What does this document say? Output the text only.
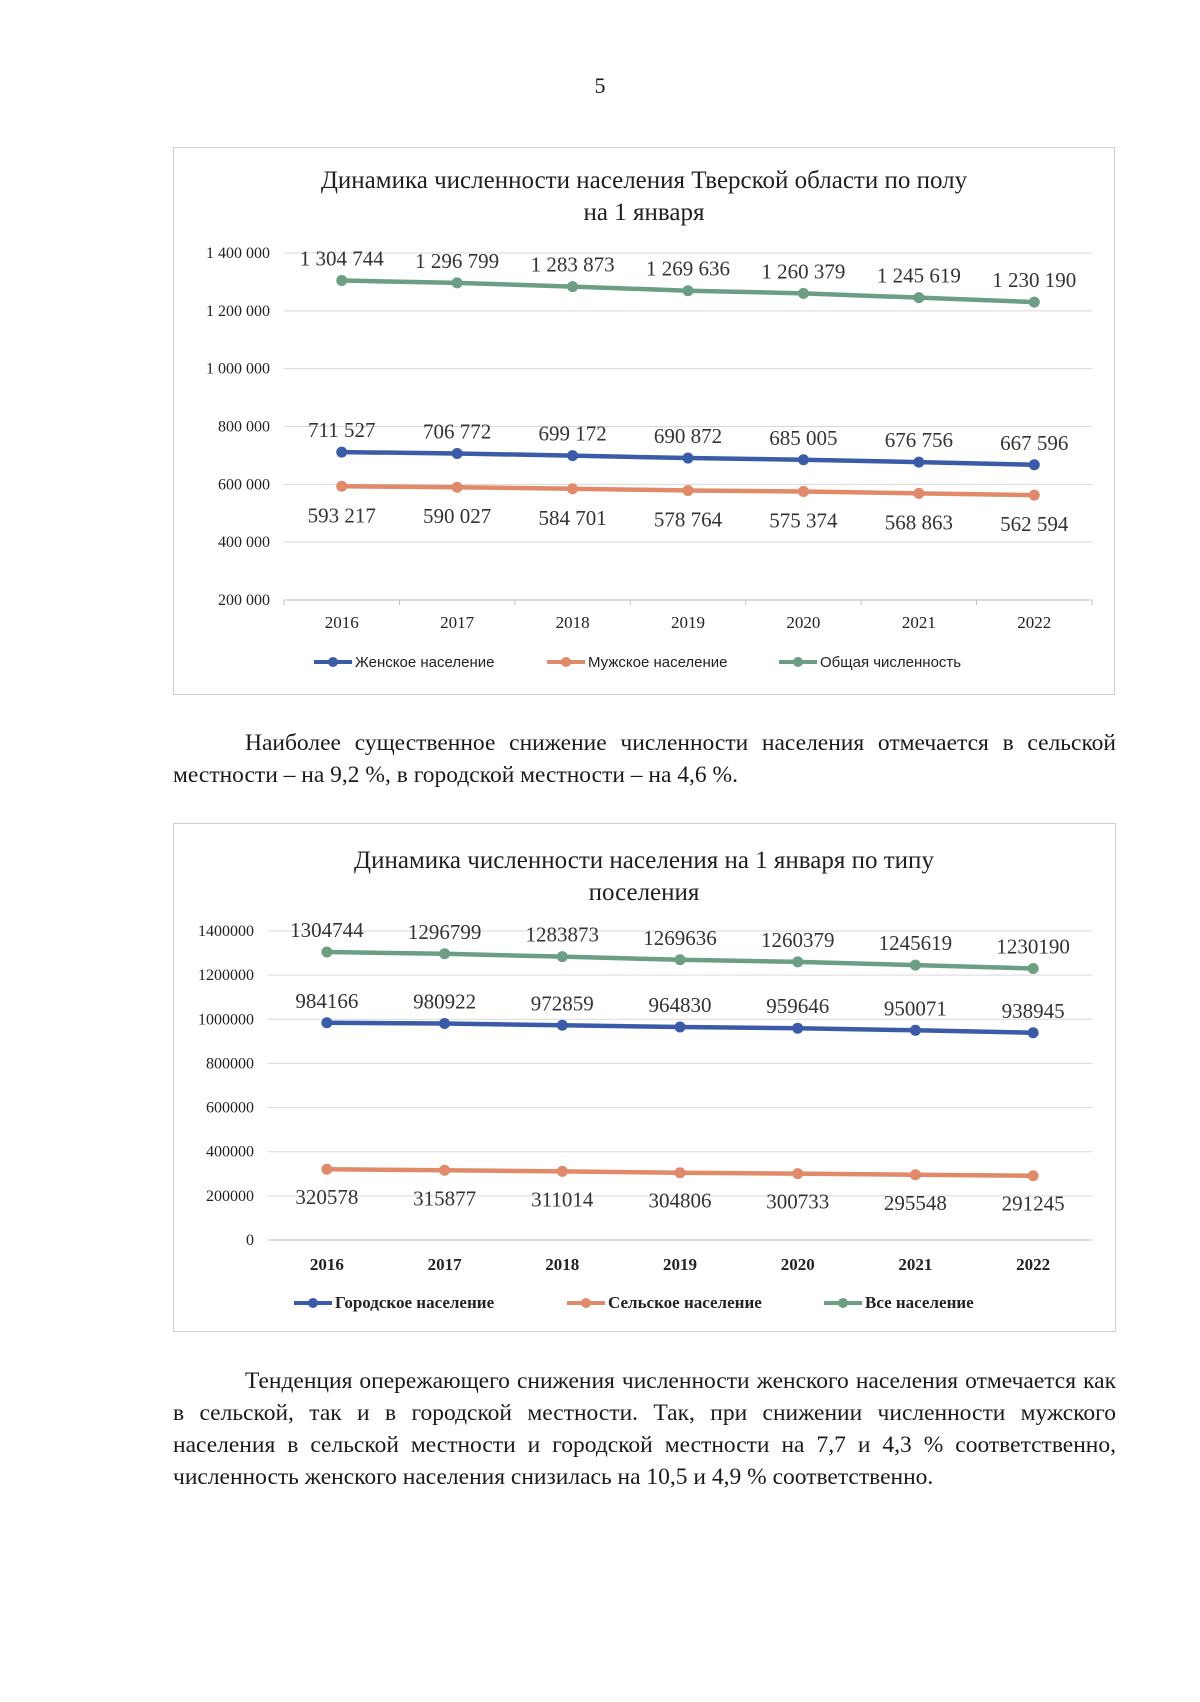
5
Динамика численности населения Тверской области по полу
на 1 января
200 000
400 000
600 000
800 000
1 000 000
1 200 000
1 400 000
2016	2017	2018	2019	2020	2021	2022
711 527 706 772 699 172 690 872 685 005 676 756 667 596
593 217 590 027 584 701 578 764 575 374 568 863 562 594
1 304 744 1 296 799 1 283 873 1 269 636 1 260 379 1 245 619 1 230 190
Женское население	Мужское население	Общая численность
Наиболее существенное снижение численности населения отмечается в сельской местности – на 9,2 %, в городской местности – на 4,6 %.
Динамика численности населения на 1 января по типу
поселения
0
200000
400000
600000
800000
1000000
1200000
1400000
2016	2017	2018	2019	2020	2021	2022
984166	980922	972859	964830	959646	950071	938945
320578	315877	311014	304806	300733	295548	291245
1304744 1296799 1283873 1269636 1260379 1245619 1230190
Городское население	Сельское население	Все население
Тенденция опережающего снижения численности женского населения отмечается как в сельской, так и в городской местности. Так, при снижении численности мужского населения в сельской местности и городской местности на 7,7 и 4,3 % соответственно, численность женского населения снизилась на 10,5 и 4,9 % соответственно.
